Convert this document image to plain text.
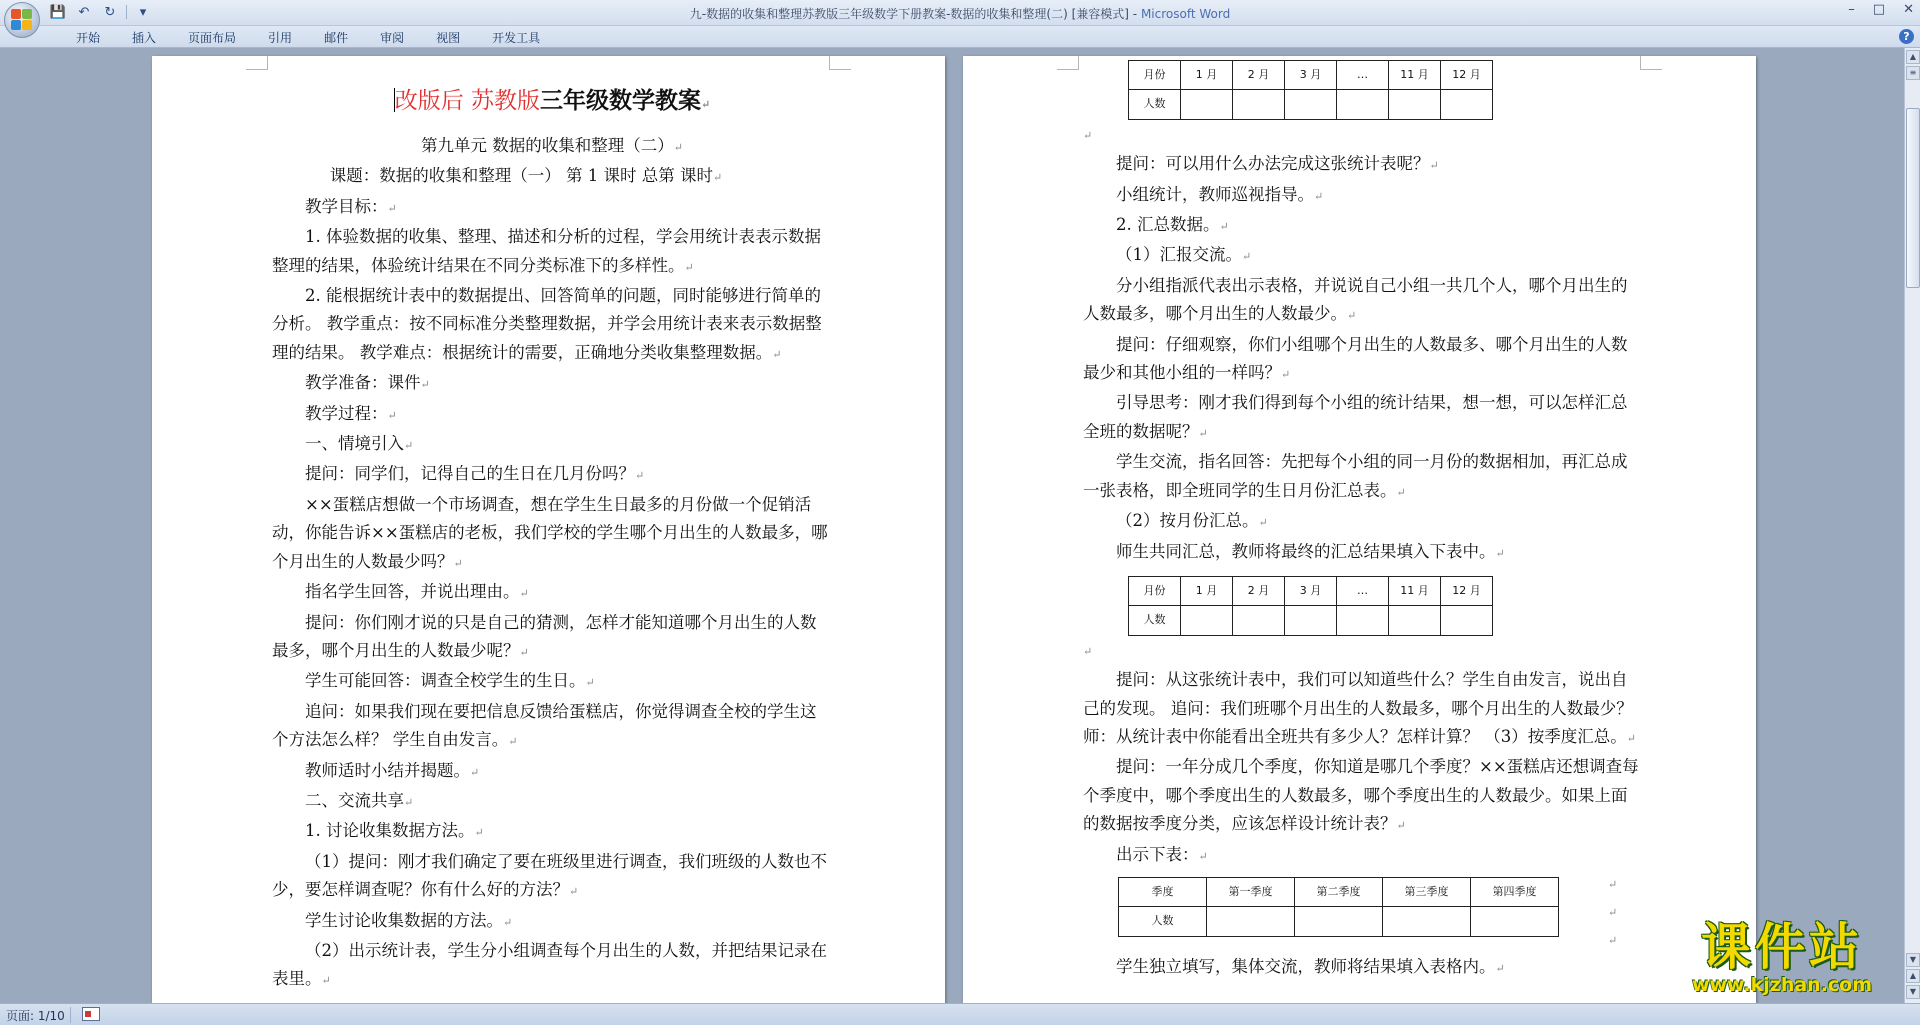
💾 ↶	↻	▾	九-数据的收集和整理苏教版三年级数学下册教案-数据的收集和整理(二) [兼容模式] - Microsoft Word	– □ ✕
开始	插入	页面布局	引用	邮件	审阅	视图	开发工具	?
改版后 苏教版三年级数学教案↵

第九单元 数据的收集和整理（二）↵

课题：数据的收集和整理（一） 第 1 课时 总第 课时↵

教学目标：↵

1. 体验数据的收集、整理、描述和分析的过程，学会用统计表表示数据整理的结果，体验统计结果在不同分类标准下的多样性。↵

2. 能根据统计表中的数据提出、回答简单的问题，同时能够进行简单的分析。 教学重点：按不同标准分类整理数据，并学会用统计表来表示数据整理的结果。 教学难点：根据统计的需要，正确地分类收集整理数据。↵

教学准备：课件↵

教学过程：↵

一、情境引入↵

提问：同学们，记得自己的生日在几月份吗？↵

××蛋糕店想做一个市场调查，想在学生生日最多的月份做一个促销活动，你能告诉××蛋糕店的老板，我们学校的学生哪个月出生的人数最多，哪个月出生的人数最少吗？↵

指名学生回答，并说出理由。↵

提问：你们刚才说的只是自己的猜测，怎样才能知道哪个月出生的人数最多，哪个月出生的人数最少呢？↵

学生可能回答：调查全校学生的生日。↵

追问：如果我们现在要把信息反馈给蛋糕店，你觉得调查全校的学生这个方法怎么样？ 学生自由发言。↵

教师适时小结并揭题。↵

二、交流共享↵

1. 讨论收集数据方法。↵

（1）提问：刚才我们确定了要在班级里进行调查，我们班级的人数也不少，要怎样调查呢？你有什么好的方法？↵

学生讨论收集数据的方法。↵

（2）出示统计表，学生分小组调查每个月出生的人数，并把结果记录在表里。↵

月份	1 月	2 月	3 月	…	11 月	12 月
人数						

↵

提问：可以用什么办法完成这张统计表呢？↵

小组统计，教师巡视指导。↵

2. 汇总数据。↵

（1）汇报交流。↵

分小组指派代表出示表格，并说说自己小组一共几个人，哪个月出生的人数最多，哪个月出生的人数最少。↵

提问：仔细观察，你们小组哪个月出生的人数最多、哪个月出生的人数最少和其他小组的一样吗？↵

引导思考：刚才我们得到每个小组的统计结果，想一想，可以怎样汇总全班的数据呢？↵

学生交流，指名回答：先把每个小组的同一月份的数据相加，再汇总成一张表格，即全班同学的生日月份汇总表。↵

（2）按月份汇总。↵

师生共同汇总，教师将最终的汇总结果填入下表中。↵

月份	1 月	2 月	3 月	…	11 月	12 月
人数						

↵

提问：从这张统计表中，我们可以知道些什么？学生自由发言，说出自己的发现。 追问：我们班哪个月出生的人数最多，哪个月出生的人数最少？ 师：从统计表中你能看出全班共有多少人？怎样计算？ （3）按季度汇总。↵

提问：一年分成几个季度，你知道是哪几个季度？××蛋糕店还想调查每个季度中，哪个季度出生的人数最多，哪个季度出生的人数最少。如果上面的数据按季度分类，应该怎样设计统计表？↵

出示下表：↵

季度	第一季度	第二季度	第三季度	第四季度
人数				
↵
↵
↵

学生独立填写，集体交流，教师将结果填入表格内。↵

▲
≡
▼
▲
▼
页面: 1/10
课件站
www.kjzhan.com
